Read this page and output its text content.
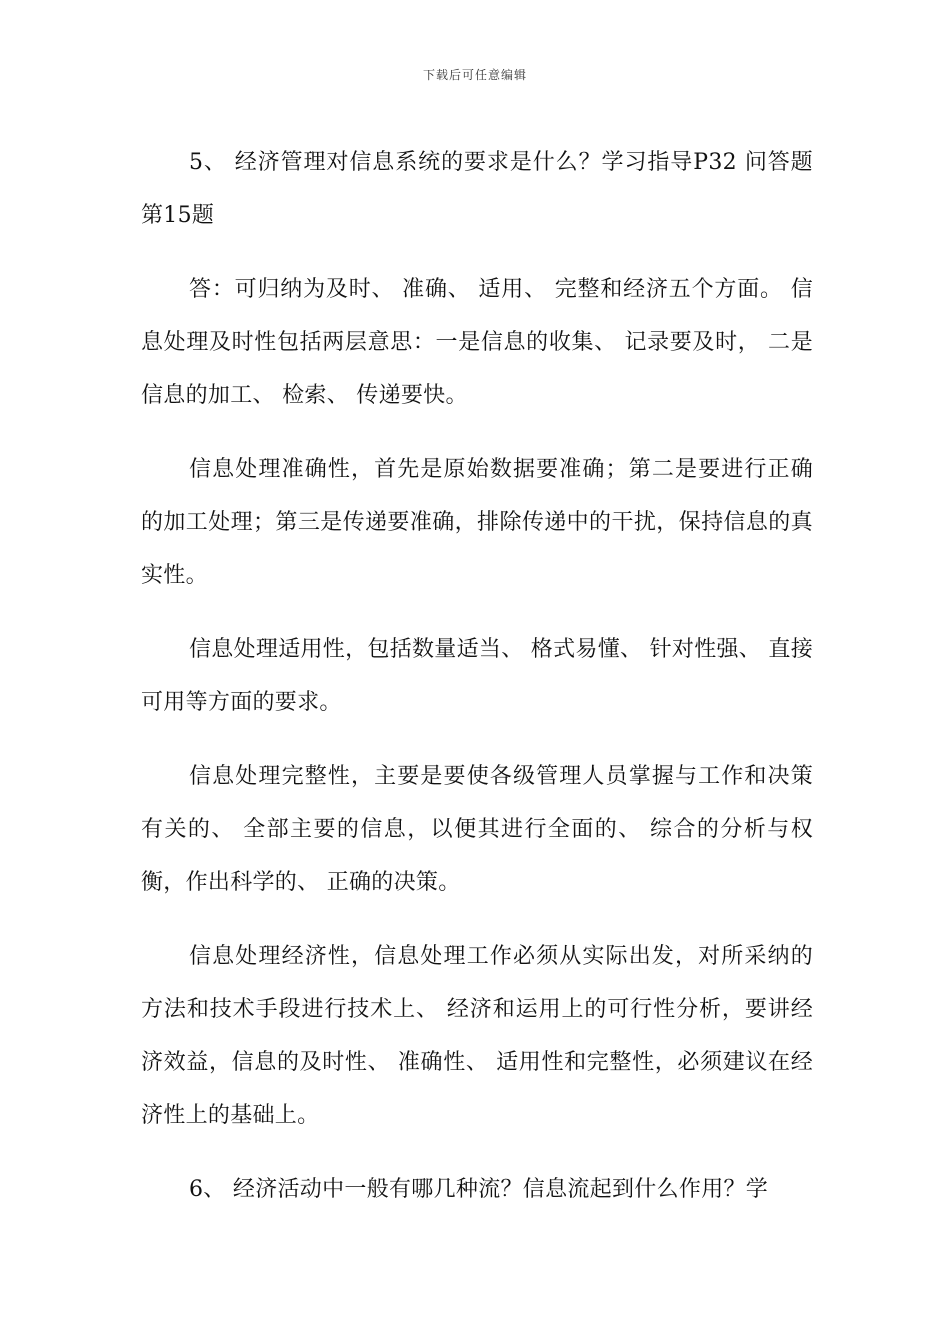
下载后可任意编辑

5、 经济管理对信息系统的要求是什么？学习指导P32 问答题第15题

答：可归纳为及时、 准确、 适用、 完整和经济五个方面。 信息处理及时性包括两层意思：一是信息的收集、 记录要及时， 二是信息的加工、 检索、 传递要快。

信息处理准确性，首先是原始数据要准确；第二是要进行正确的加工处理；第三是传递要准确，排除传递中的干扰，保持信息的真实性。

信息处理适用性，包括数量适当、 格式易懂、 针对性强、 直接可用等方面的要求。

信息处理完整性，主要是要使各级管理人员掌握与工作和决策有关的、 全部主要的信息，以便其进行全面的、 综合的分析与权衡，作出科学的、 正确的决策。

信息处理经济性，信息处理工作必须从实际出发，对所采纳的方法和技术手段进行技术上、 经济和运用上的可行性分析，要讲经济效益，信息的及时性、 准确性、 适用性和完整性，必须建议在经济性上的基础上。

6、 经济活动中一般有哪几种流？信息流起到什么作用？学
